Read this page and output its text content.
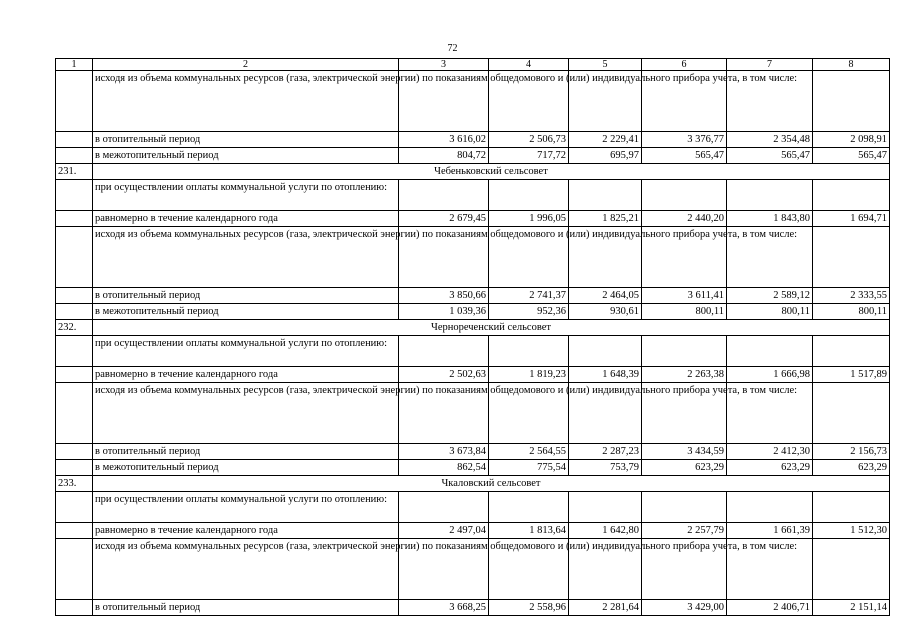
72
1	2	3	4	5	6	7	8
	исходя из объема коммунальных ресурсов (газа, электрической энергии) по показаниям общедомового и (или) индивидуального прибора учета, в том числе:						
	в отопительный период	3 616,02	2 506,73	2 229,41	3 376,77	2 354,48	2 098,91
	в межотопительный период	804,72	717,72	695,97	565,47	565,47	565,47
231.	Чебеньковский сельсовет						
	при осуществлении оплаты коммунальной услуги по отоплению:						
	равномерно в течение календарного года	2 679,45	1 996,05	1 825,21	2 440,20	1 843,80	1 694,71
	исходя из объема коммунальных ресурсов (газа, электрической энергии) по показаниям общедомового и (или) индивидуального прибора учета, в том числе:						
	в отопительный период	3 850,66	2 741,37	2 464,05	3 611,41	2 589,12	2 333,55
	в межотопительный период	1 039,36	952,36	930,61	800,11	800,11	800,11
232.	Чернореченский сельсовет						
	при осуществлении оплаты коммунальной услуги по отоплению:						
	равномерно в течение календарного года	2 502,63	1 819,23	1 648,39	2 263,38	1 666,98	1 517,89
	исходя из объема коммунальных ресурсов (газа, электрической энергии) по показаниям общедомового и (или) индивидуального прибора учета, в том числе:						
	в отопительный период	3 673,84	2 564,55	2 287,23	3 434,59	2 412,30	2 156,73
	в межотопительный период	862,54	775,54	753,79	623,29	623,29	623,29
233.	Чкаловский сельсовет						
	при осуществлении оплаты коммунальной услуги по отоплению:						
	равномерно в течение календарного года	2 497,04	1 813,64	1 642,80	2 257,79	1 661,39	1 512,30
	исходя из объема коммунальных ресурсов (газа, электрической энергии) по показаниям общедомового и (или) индивидуального прибора учета, в том числе:						
	в отопительный период	3 668,25	2 558,96	2 281,64	3 429,00	2 406,71	2 151,14
